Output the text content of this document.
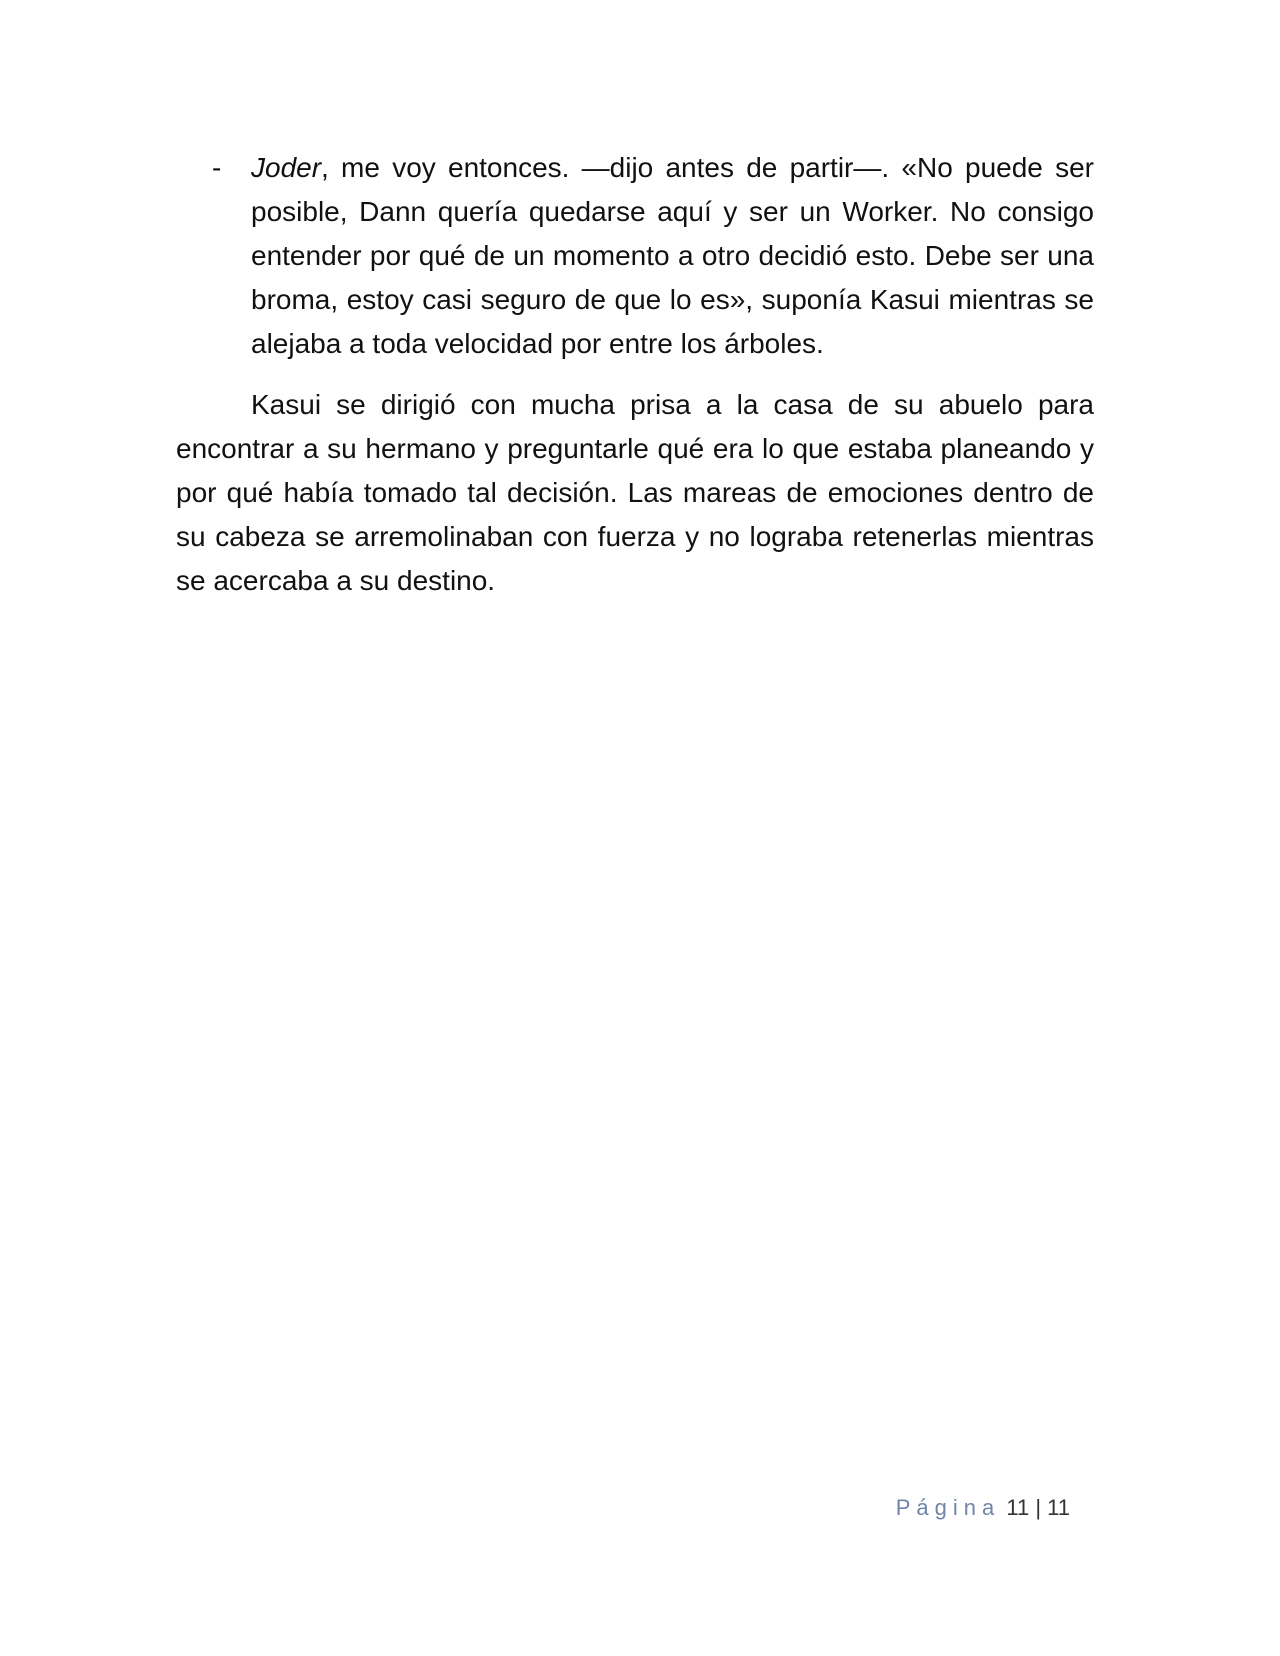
- Joder, me voy entonces. —dijo antes de partir—. «No puede ser posible, Dann quería quedarse aquí y ser un Worker. No consigo entender por qué de un momento a otro decidió esto. Debe ser una broma, estoy casi seguro de que lo es», suponía Kasui mientras se alejaba a toda velocidad por entre los árboles.

Kasui se dirigió con mucha prisa a la casa de su abuelo para encontrar a su hermano y preguntarle qué era lo que estaba planeando y por qué había tomado tal decisión. Las mareas de emociones dentro de su cabeza se arremolinaban con fuerza y no lograba retenerlas mientras se acercaba a su destino.

Página 11 | 11
